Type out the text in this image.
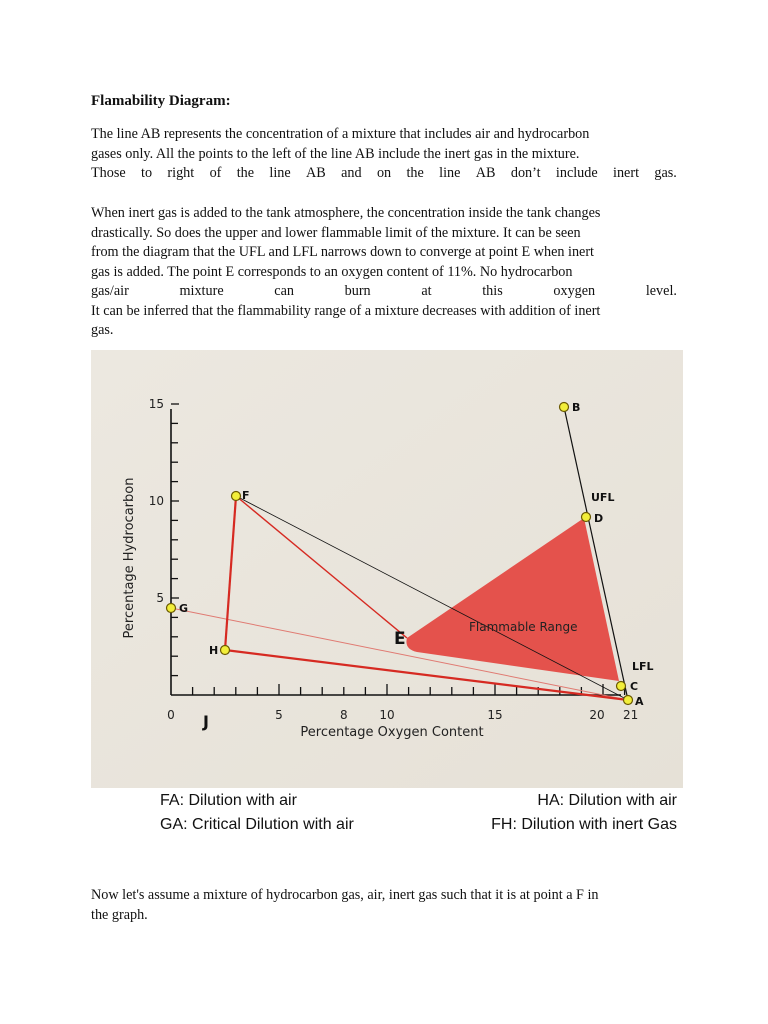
Flamability Diagram:
The line AB represents the concentration of a mixture that includes air and hydrocarbon
gases only. All the points to the left of the line AB include the inert gas in the mixture.
Those to right of the line AB and on the line AB don’t include inert gas.
When inert gas is added to the tank atmosphere, the concentration inside the tank changes
drastically. So does the upper and lower flammable limit of the mixture. It can be seen
from the diagram that the UFL and LFL narrows down to converge at point E when inert
gas is added. The point E corresponds to an oxygen content of 11%. No hydrocarbon
gas/air	mixture	can	burn	at	this	oxygen	level.
It can be inferred that the flammability range of a mixture decreases with addition of inert
gas.
15
10
5
0	5	8	10	15	20 21
B
D
F
G
H
C
A
UFL
LFL
E
J
Flammable Range
Percentage Hydrocarbon
Percentage Oxygen Content
FA: Dilution with air
GA: Critical Dilution with air
HA: Dilution with air
FH: Dilution with inert Gas
Now let's assume a mixture of hydrocarbon gas, air, inert gas such that it is at point a F in
the graph.
